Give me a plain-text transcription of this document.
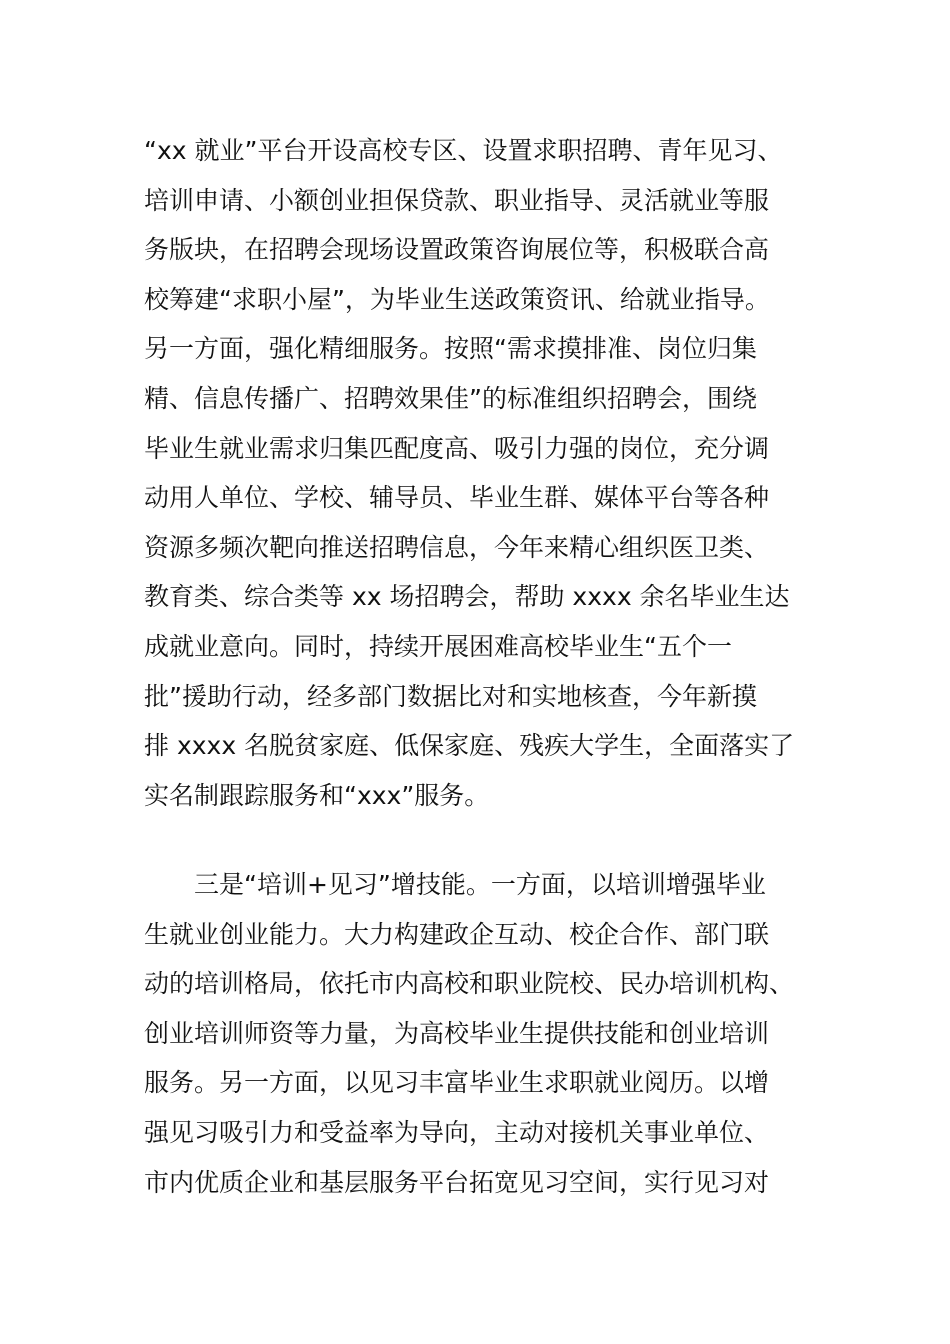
“xx 就业”平台开设高校专区、设置求职招聘、青年见习、
培训申请、小额创业担保贷款、职业指导、灵活就业等服
务版块，在招聘会现场设置政策咨询展位等，积极联合高
校筹建“求职小屋”，为毕业生送政策资讯、给就业指导。
另一方面，强化精细服务。按照“需求摸排准、岗位归集
精、信息传播广、招聘效果佳”的标准组织招聘会，围绕
毕业生就业需求归集匹配度高、吸引力强的岗位，充分调
动用人单位、学校、辅导员、毕业生群、媒体平台等各种
资源多频次靶向推送招聘信息，今年来精心组织医卫类、
教育类、综合类等 xx 场招聘会，帮助 xxxx 余名毕业生达
成就业意向。同时，持续开展困难高校毕业生“五个一
批”援助行动，经多部门数据比对和实地核查，今年新摸
排 xxxx 名脱贫家庭、低保家庭、残疾大学生，全面落实了
实名制跟踪服务和“xxx”服务。
　　三是“培训+见习”增技能。一方面，以培训增强毕业
生就业创业能力。大力构建政企互动、校企合作、部门联
动的培训格局，依托市内高校和职业院校、民办培训机构、
创业培训师资等力量，为高校毕业生提供技能和创业培训
服务。另一方面，以见习丰富毕业生求职就业阅历。以增
强见习吸引力和受益率为导向，主动对接机关事业单位、
市内优质企业和基层服务平台拓宽见习空间，实行见习对
